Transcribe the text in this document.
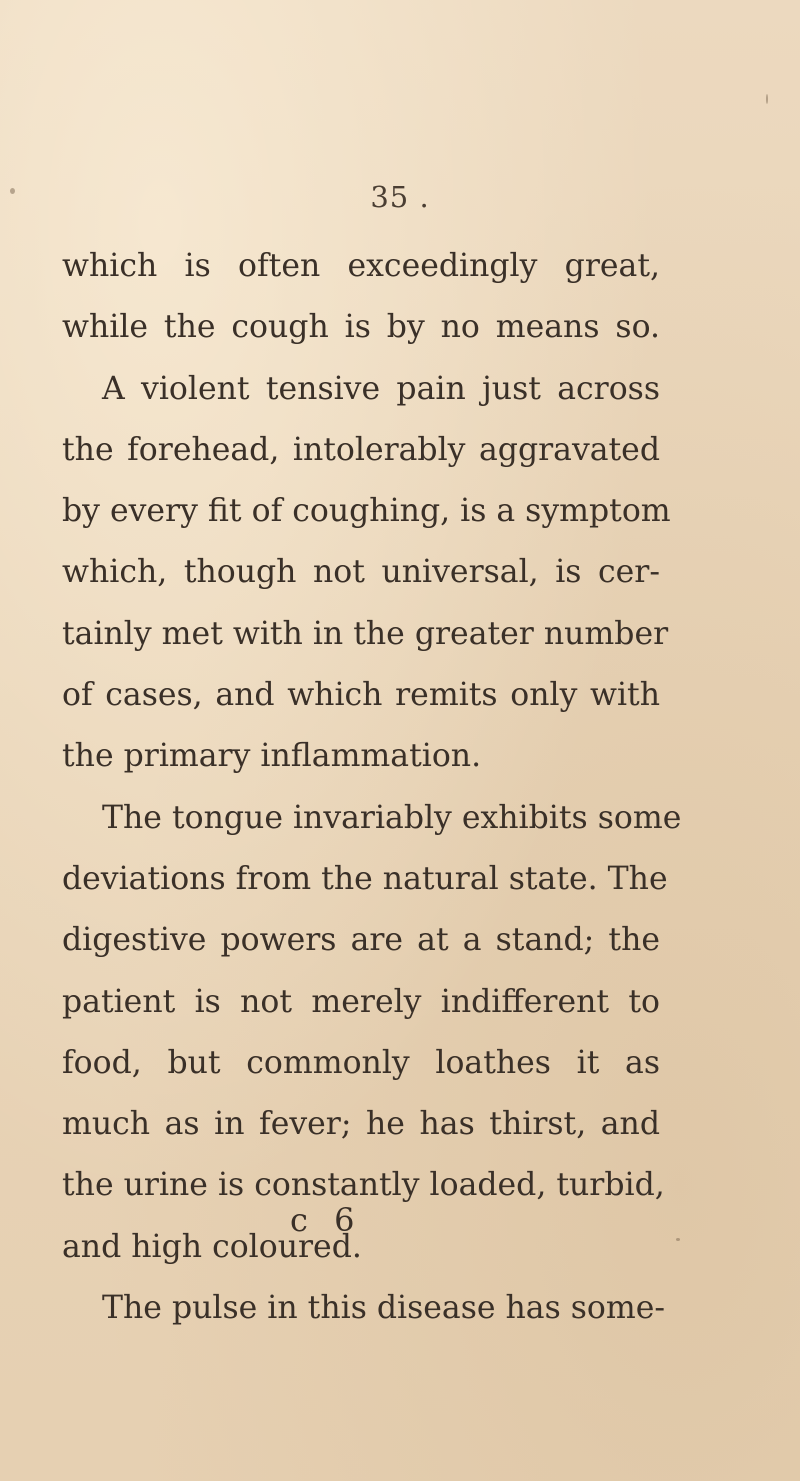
35 .
which is often exceedingly great,
while the cough is by no means so.
A violent tensive pain just across
the forehead, intolerably aggravated
by every fit of coughing, is a symptom
which, though not universal, is cer-
tainly met with in the greater number
of cases, and which remits only with
the primary inflammation.
The tongue invariably exhibits some
deviations from the natural state. The
digestive powers are at a stand; the
patient is not merely indifferent to
food, but commonly loathes it as
much as in fever; he has thirst, and
the urine is constantly loaded, turbid,
and high coloured.
The pulse in this disease has some-
c 6
